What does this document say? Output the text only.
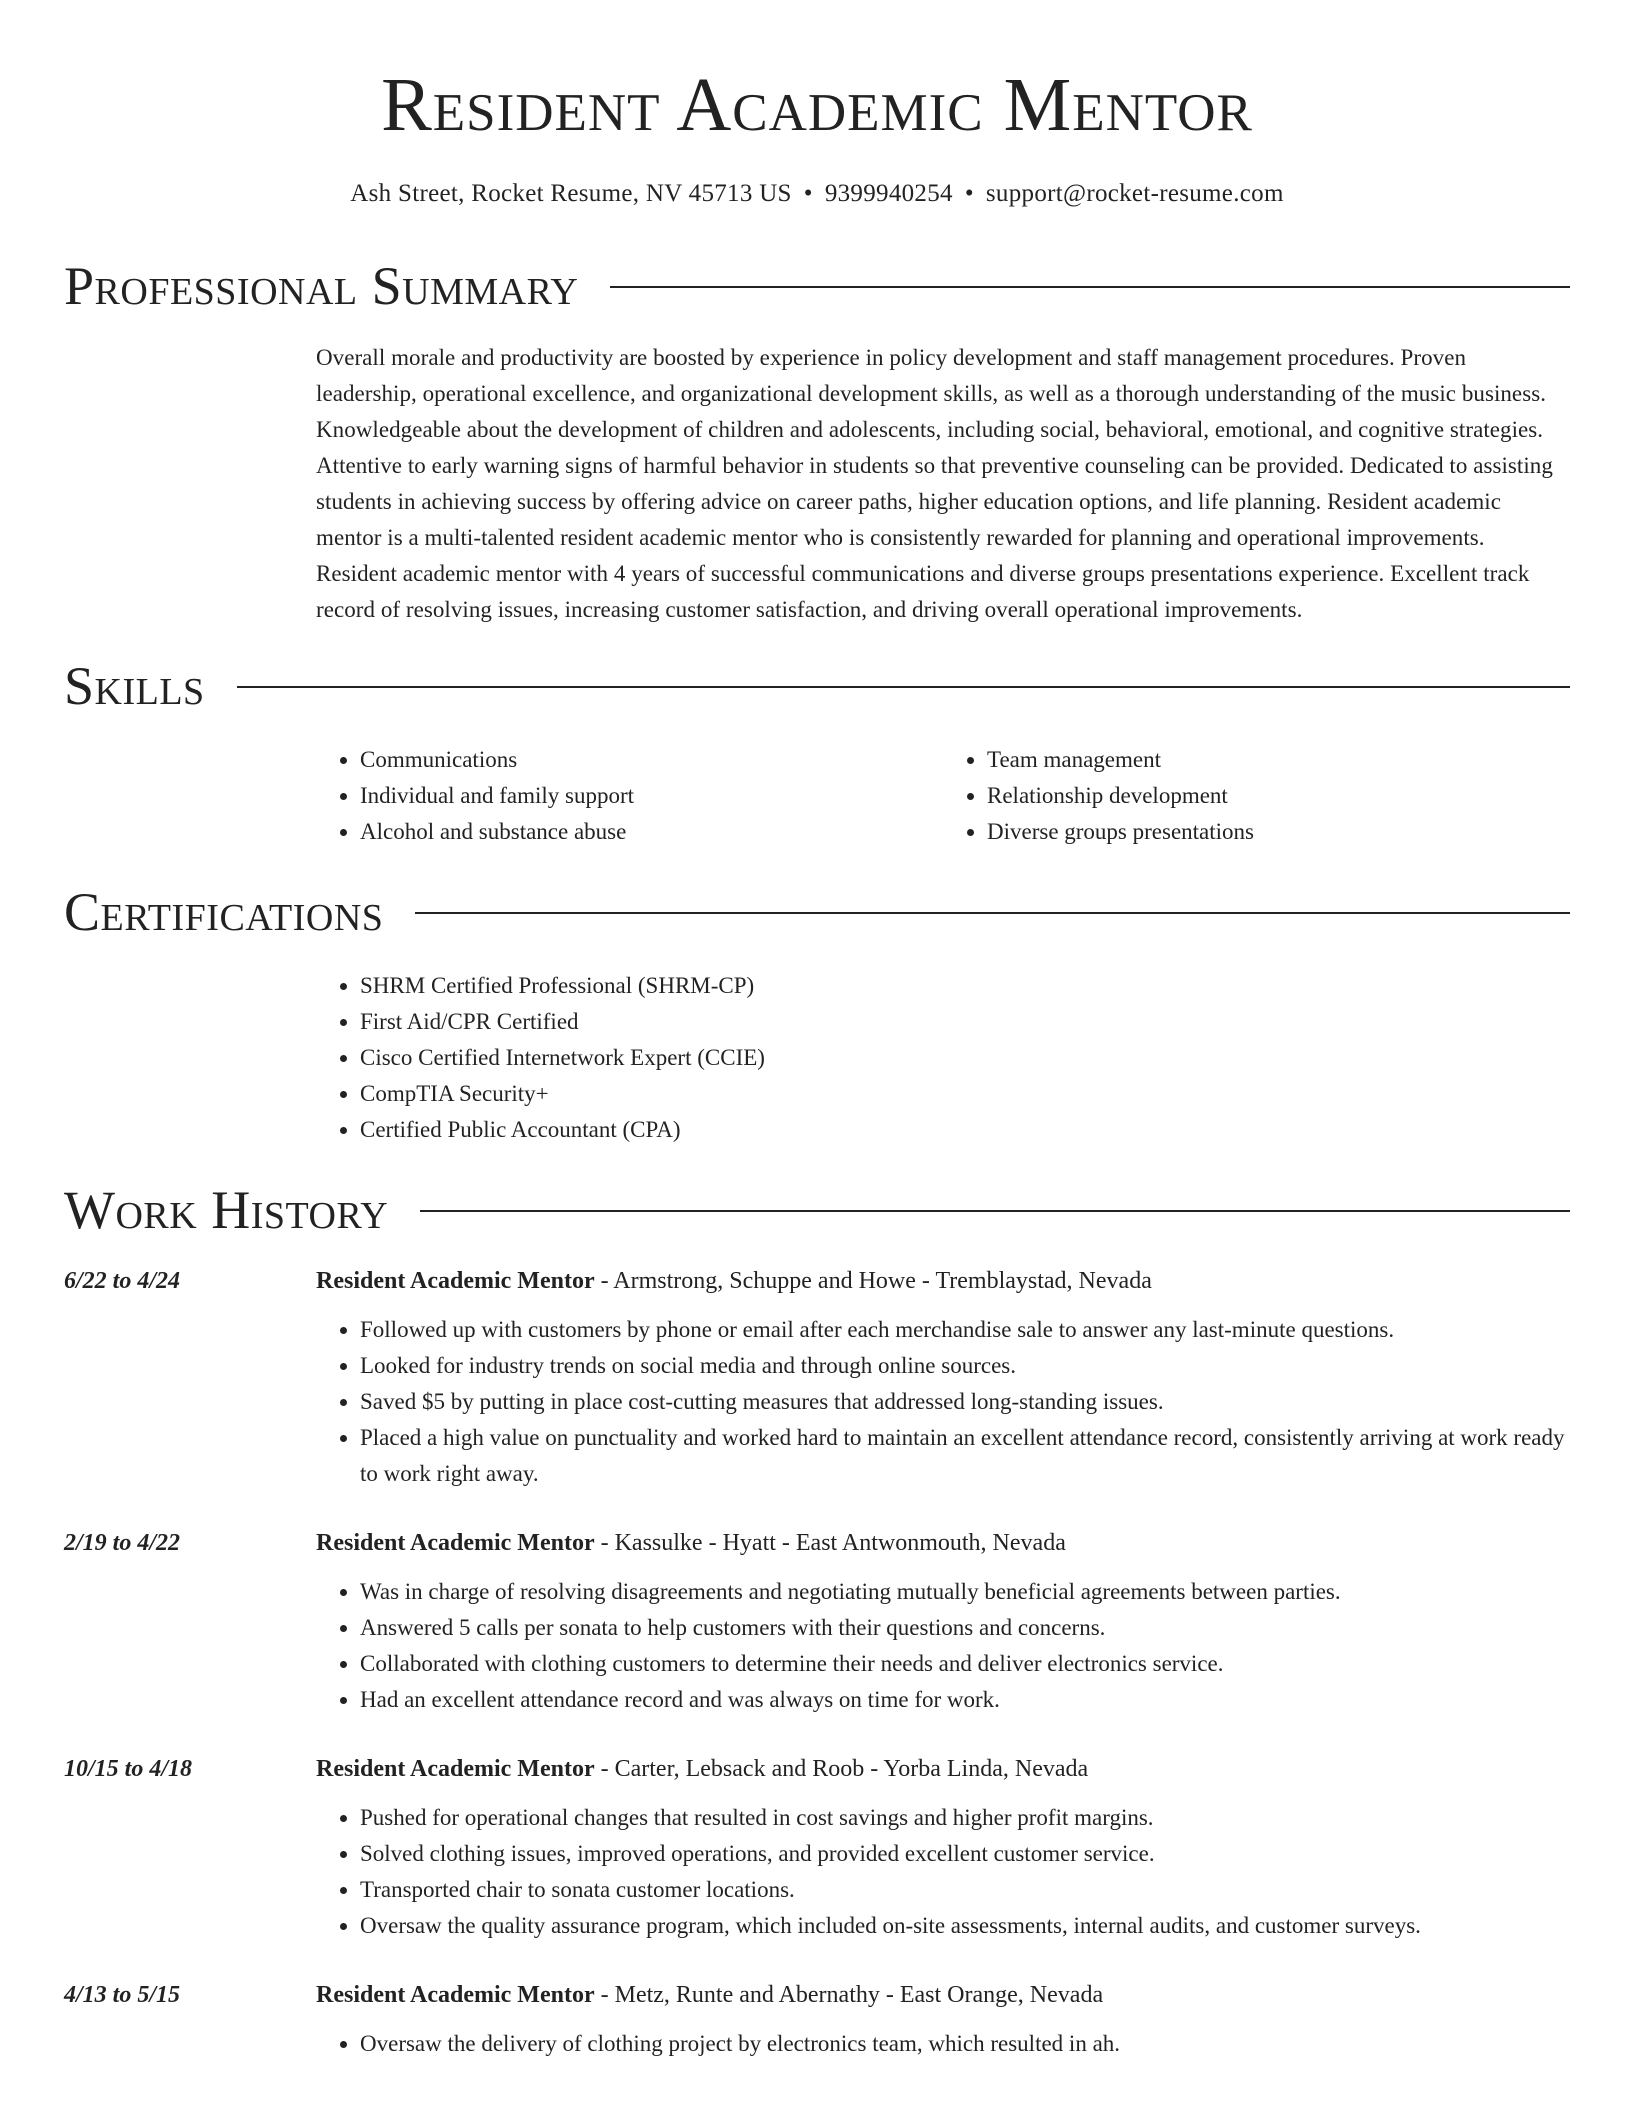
Resident Academic Mentor
Ash Street, Rocket Resume, NV 45713 US • 9399940254 • support@rocket-resume.com
Professional Summary
Overall morale and productivity are boosted by experience in policy development and staff management procedures. Proven leadership, operational excellence, and organizational development skills, as well as a thorough understanding of the music business. Knowledgeable about the development of children and adolescents, including social, behavioral, emotional, and cognitive strategies. Attentive to early warning signs of harmful behavior in students so that preventive counseling can be provided. Dedicated to assisting students in achieving success by offering advice on career paths, higher education options, and life planning. Resident academic mentor is a multi-talented resident academic mentor who is consistently rewarded for planning and operational improvements. Resident academic mentor with 4 years of successful communications and diverse groups presentations experience. Excellent track record of resolving issues, increasing customer satisfaction, and driving overall operational improvements.
Skills
• Communications
• Individual and family support
• Alcohol and substance abuse
• Team management
• Relationship development
• Diverse groups presentations
Certifications
• SHRM Certified Professional (SHRM-CP)
• First Aid/CPR Certified
• Cisco Certified Internetwork Expert (CCIE)
• CompTIA Security+
• Certified Public Accountant (CPA)
Work History
6/22 to 4/24	Resident Academic Mentor - Armstrong, Schuppe and Howe - Tremblaystad, Nevada
• Followed up with customers by phone or email after each merchandise sale to answer any last-minute questions.
• Looked for industry trends on social media and through online sources.
• Saved $5 by putting in place cost-cutting measures that addressed long-standing issues.
• Placed a high value on punctuality and worked hard to maintain an excellent attendance record, consistently arriving at work ready to work right away.
2/19 to 4/22	Resident Academic Mentor - Kassulke - Hyatt - East Antwonmouth, Nevada
• Was in charge of resolving disagreements and negotiating mutually beneficial agreements between parties.
• Answered 5 calls per sonata to help customers with their questions and concerns.
• Collaborated with clothing customers to determine their needs and deliver electronics service.
• Had an excellent attendance record and was always on time for work.
10/15 to 4/18	Resident Academic Mentor - Carter, Lebsack and Roob - Yorba Linda, Nevada
• Pushed for operational changes that resulted in cost savings and higher profit margins.
• Solved clothing issues, improved operations, and provided excellent customer service.
• Transported chair to sonata customer locations.
• Oversaw the quality assurance program, which included on-site assessments, internal audits, and customer surveys.
4/13 to 5/15	Resident Academic Mentor - Metz, Runte and Abernathy - East Orange, Nevada
• Oversaw the delivery of clothing project by electronics team, which resulted in ah.
